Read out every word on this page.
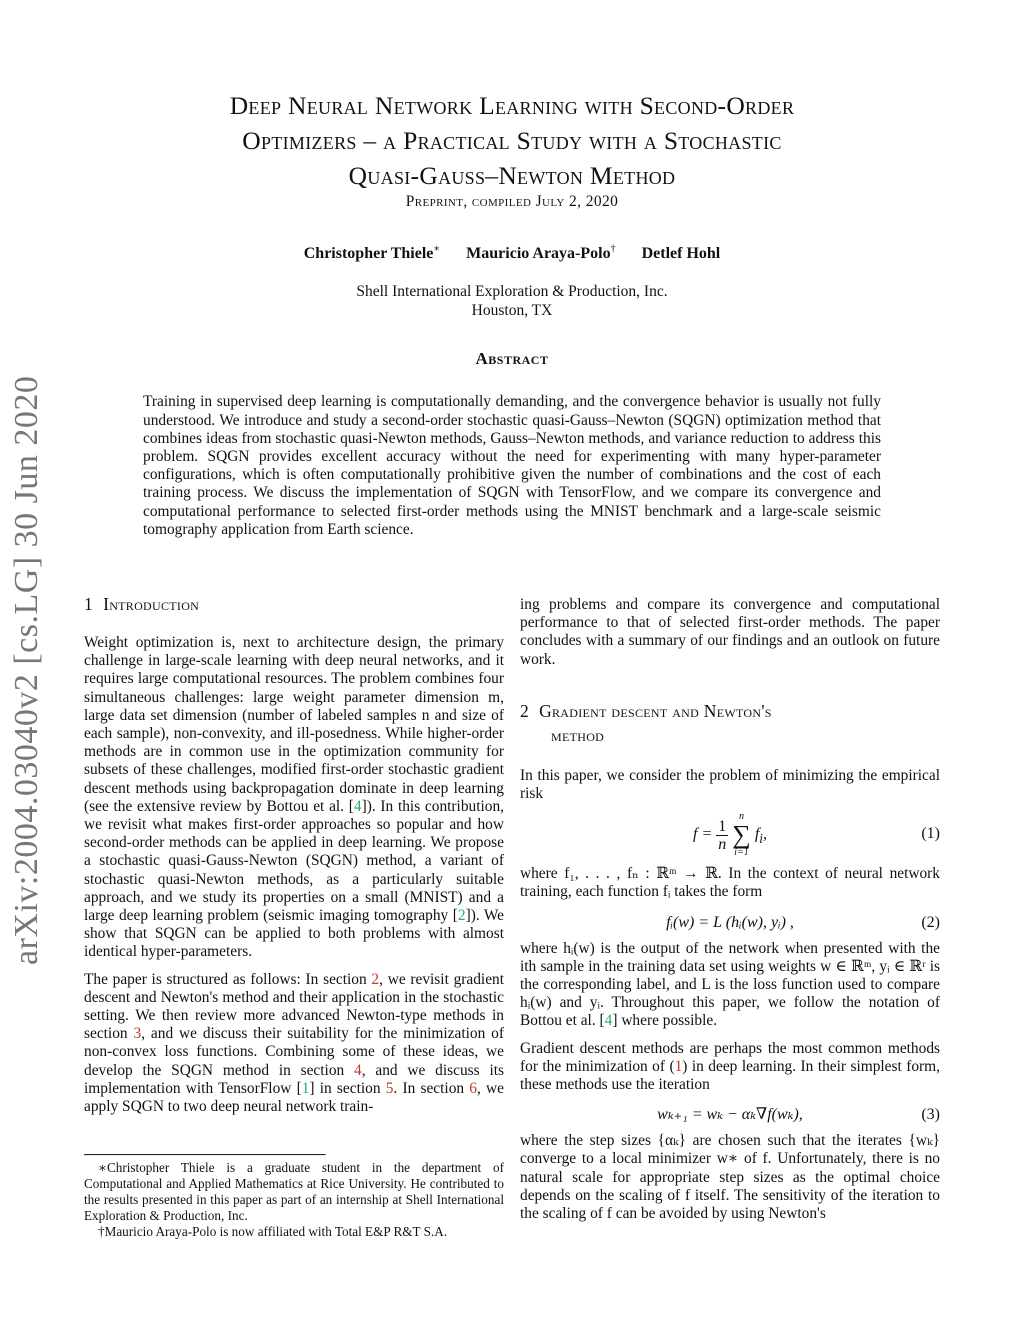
arXiv:2004.03040v2 [cs.LG] 30 Jun 2020
Deep Neural Network Learning with Second-Order
Optimizers – a Practical Study with a Stochastic
Quasi-Gauss–Newton Method
Preprint, compiled July 2, 2020
Christopher Thiele∗ Mauricio Araya-Polo† Detlef Hohl
Shell International Exploration & Production, Inc.
Houston, TX
Abstract

Training in supervised deep learning is computationally demanding, and the convergence behavior is usually not fully understood. We introduce and study a second-order stochastic quasi-Gauss–Newton (SQGN) optimization method that combines ideas from stochastic quasi-Newton methods, Gauss–Newton methods, and variance reduction to address this problem. SQGN provides excellent accuracy without the need for experimenting with many hyper-parameter configurations, which is often computationally prohibitive given the number of combinations and the cost of each training process. We discuss the implementation of SQGN with TensorFlow, and we compare its convergence and computational performance to selected first-order methods using the MNIST benchmark and a large-scale seismic tomography application from Earth science.

1 Introduction

Weight optimization is, next to architecture design, the primary challenge in large-scale learning with deep neural networks, and it requires large computational resources. The problem combines four simultaneous challenges: large weight parameter dimension m, large data set dimension (number of labeled samples n and size of each sample), non-convexity, and ill-posedness. While higher-order methods are in common use in the optimization community for subsets of these challenges, modified first-order stochastic gradient descent methods using backpropagation dominate in deep learning (see the extensive review by Bottou et al. [4]). In this contribution, we revisit what makes first-order approaches so popular and how second-order methods can be applied in deep learning. We propose a stochastic quasi-Gauss-Newton (SQGN) method, a variant of stochastic quasi-Newton methods, as a particularly suitable approach, and we study its properties on a small (MNIST) and a large deep learning problem (seismic imaging tomography [2]). We show that SQGN can be applied to both problems with almost identical hyper-parameters.

The paper is structured as follows: In section 2, we revisit gradient descent and Newton's method and their application in the stochastic setting. We then review more advanced Newton-type methods in section 3, and we discuss their suitability for the minimization of non-convex loss functions. Combining some of these ideas, we develop the SQGN method in section 4, and we discuss its implementation with TensorFlow [1] in section 5. In section 6, we apply SQGN to two deep neural network train-

∗Christopher Thiele is a graduate student in the department of Computational and Applied Mathematics at Rice University. He contributed to the results presented in this paper as part of an internship at Shell International Exploration & Production, Inc.

†Mauricio Araya-Polo is now affiliated with Total E&P R&T S.A.

ing problems and compare its convergence and computational performance to that of selected first-order methods. The paper concludes with a summary of our findings and an outlook on future work.

2 Gradient descent and Newton's
method

In this paper, we consider the problem of minimizing the empirical risk

$f = \frac{1}{n}$

n
∑
i=1
$f_i$,	(1)

where f₁, . . . , fₙ : ℝᵐ → ℝ. In the context of neural network training, each function fᵢ takes the form

fᵢ(w) = L (hᵢ(w), yᵢ) ,	(2)

where hᵢ(w) is the output of the network when presented with the ith sample in the training data set using weights w ∈ ℝᵐ, yᵢ ∈ ℝʳ is the corresponding label, and L is the loss function used to compare hᵢ(w) and yᵢ. Throughout this paper, we follow the notation of Bottou et al. [4] where possible.

Gradient descent methods are perhaps the most common methods for the minimization of (1) in deep learning. In their simplest form, these methods use the iteration

wₖ₊₁ = wₖ − αₖ∇f(wₖ),	(3)

where the step sizes {αₖ} are chosen such that the iterates {wₖ} converge to a local minimizer w∗ of f. Unfortunately, there is no natural scale for appropriate step sizes as the optimal choice depends on the scaling of f itself. The sensitivity of the iteration to the scaling of f can be avoided by using Newton's
